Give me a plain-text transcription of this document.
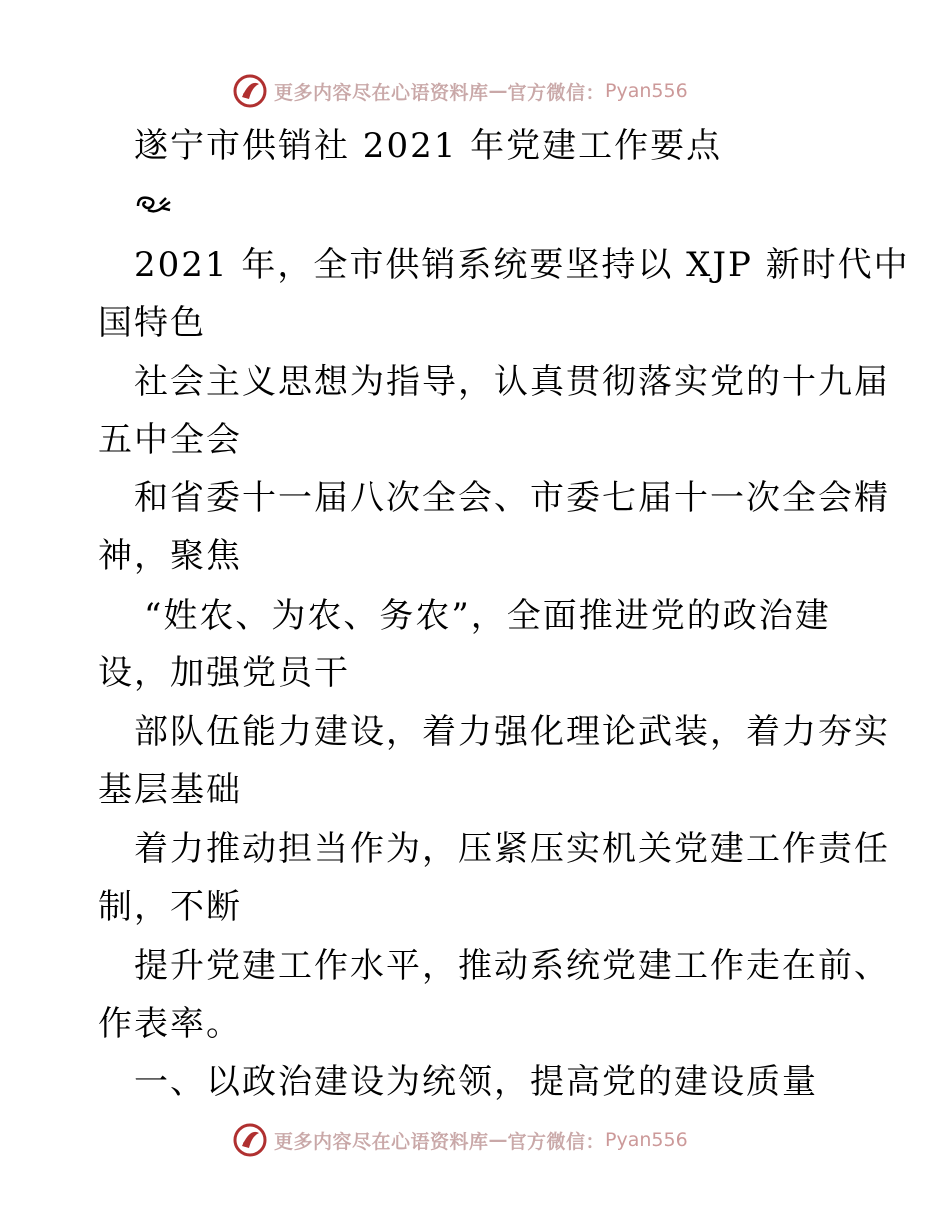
更多内容尽在心语资料库 — 官方微信： Pyan556
遂宁市供销社 2021 年党建工作要点
2021 年，全市供销系统要坚持以 XJP 新时代中
国特色
社会主义思想为指导，认真贯彻落实党的十九届
五中全会
和省委十一届八次全会、市委七届十一次全会精
神，聚焦
“姓农、为农、务农”，全面推进党的政治建
设，加强党员干
部队伍能力建设，着力强化理论武装，着力夯实
基层基础
着力推动担当作为，压紧压实机关党建工作责任
制，不断
提升党建工作水平，推动系统党建工作走在前、
作表率。
一、以政治建设为统领，提高党的建设质量
更多内容尽在心语资料库 — 官方微信： Pyan556
